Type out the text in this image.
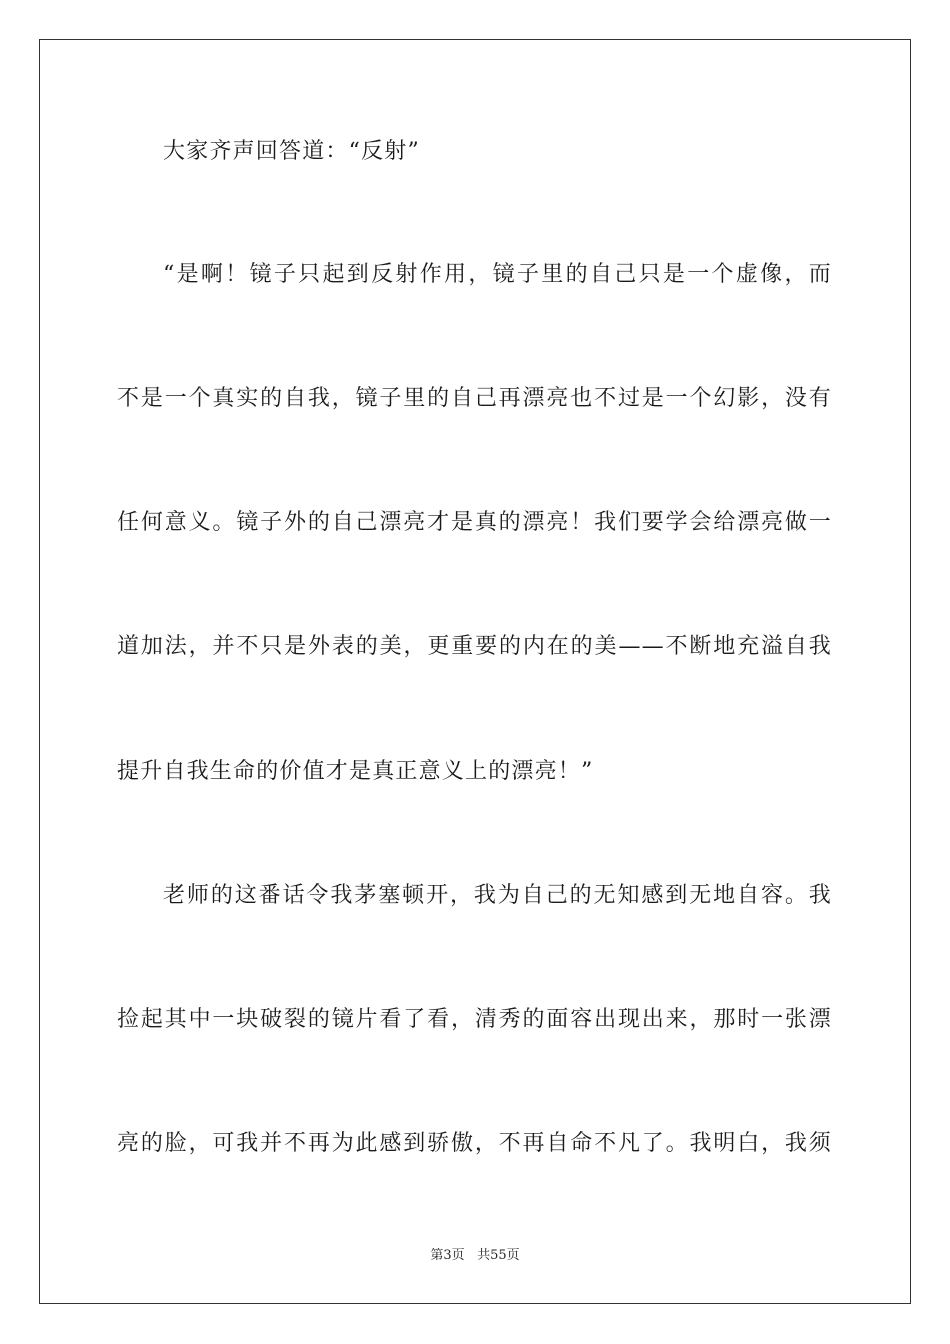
大家齐声回答道：“反射”
“是啊！镜子只起到反射作用，镜子里的自己只是一个虚像，而
不是一个真实的自我，镜子里的自己再漂亮也不过是一个幻影，没有
任何意义。镜子外的自己漂亮才是真的漂亮！我们要学会给漂亮做一
道加法，并不只是外表的美，更重要的内在的美——不断地充溢自我
提升自我生命的价值才是真正意义上的漂亮！”
老师的这番话令我茅塞顿开，我为自己的无知感到无地自容。我
捡起其中一块破裂的镜片看了看，清秀的面容出现出来，那时一张漂
亮的脸，可我并不再为此感到骄傲，不再自命不凡了。我明白，我须
第3页 共55页
